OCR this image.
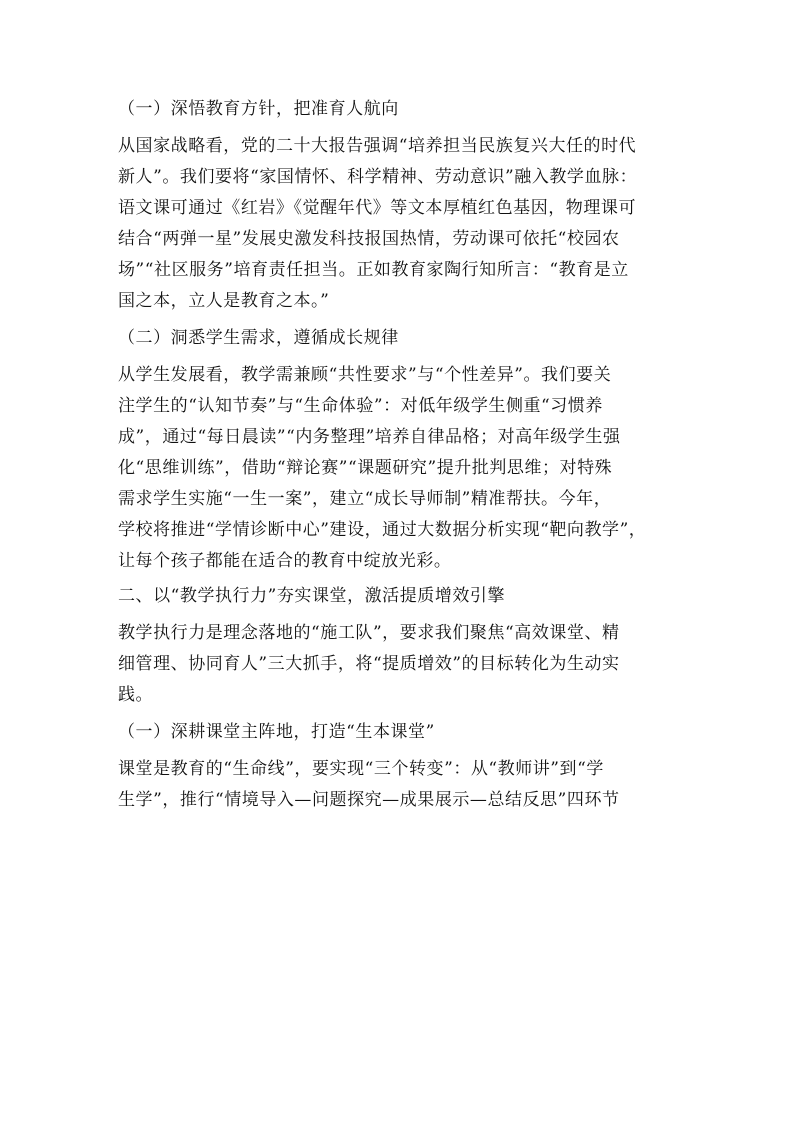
（一）深悟教育方针，把准育人航向
从国家战略看，党的二十大报告强调“培养担当民族复兴大任的时代
新人”。我们要将“家国情怀、科学精神、劳动意识”融入教学血脉：
语文课可通过《红岩》《觉醒年代》等文本厚植红色基因，物理课可
结合“两弹一星”发展史激发科技报国热情，劳动课可依托“校园农
场”“社区服务”培育责任担当。正如教育家陶行知所言：“教育是立
国之本，立人是教育之本。”
（二）洞悉学生需求，遵循成长规律
从学生发展看，教学需兼顾“共性要求”与“个性差异”。我们要关
注学生的“认知节奏”与“生命体验”：对低年级学生侧重“习惯养
成”，通过“每日晨读”“内务整理”培养自律品格；对高年级学生强
化“思维训练”，借助“辩论赛”“课题研究”提升批判思维；对特殊
需求学生实施“一生一案”，建立“成长导师制”精准帮扶。今年，
学校将推进“学情诊断中心”建设，通过大数据分析实现“靶向教学”，
让每个孩子都能在适合的教育中绽放光彩。
二、以“教学执行力”夯实课堂，激活提质增效引擎
教学执行力是理念落地的“施工队”，要求我们聚焦“高效课堂、精
细管理、协同育人”三大抓手，将“提质增效”的目标转化为生动实
践。
（一）深耕课堂主阵地，打造“生本课堂”
课堂是教育的“生命线”，要实现“三个转变”：从“教师讲”到“学
生学”，推行“情境导入—问题探究—成果展示—总结反思”四环节
